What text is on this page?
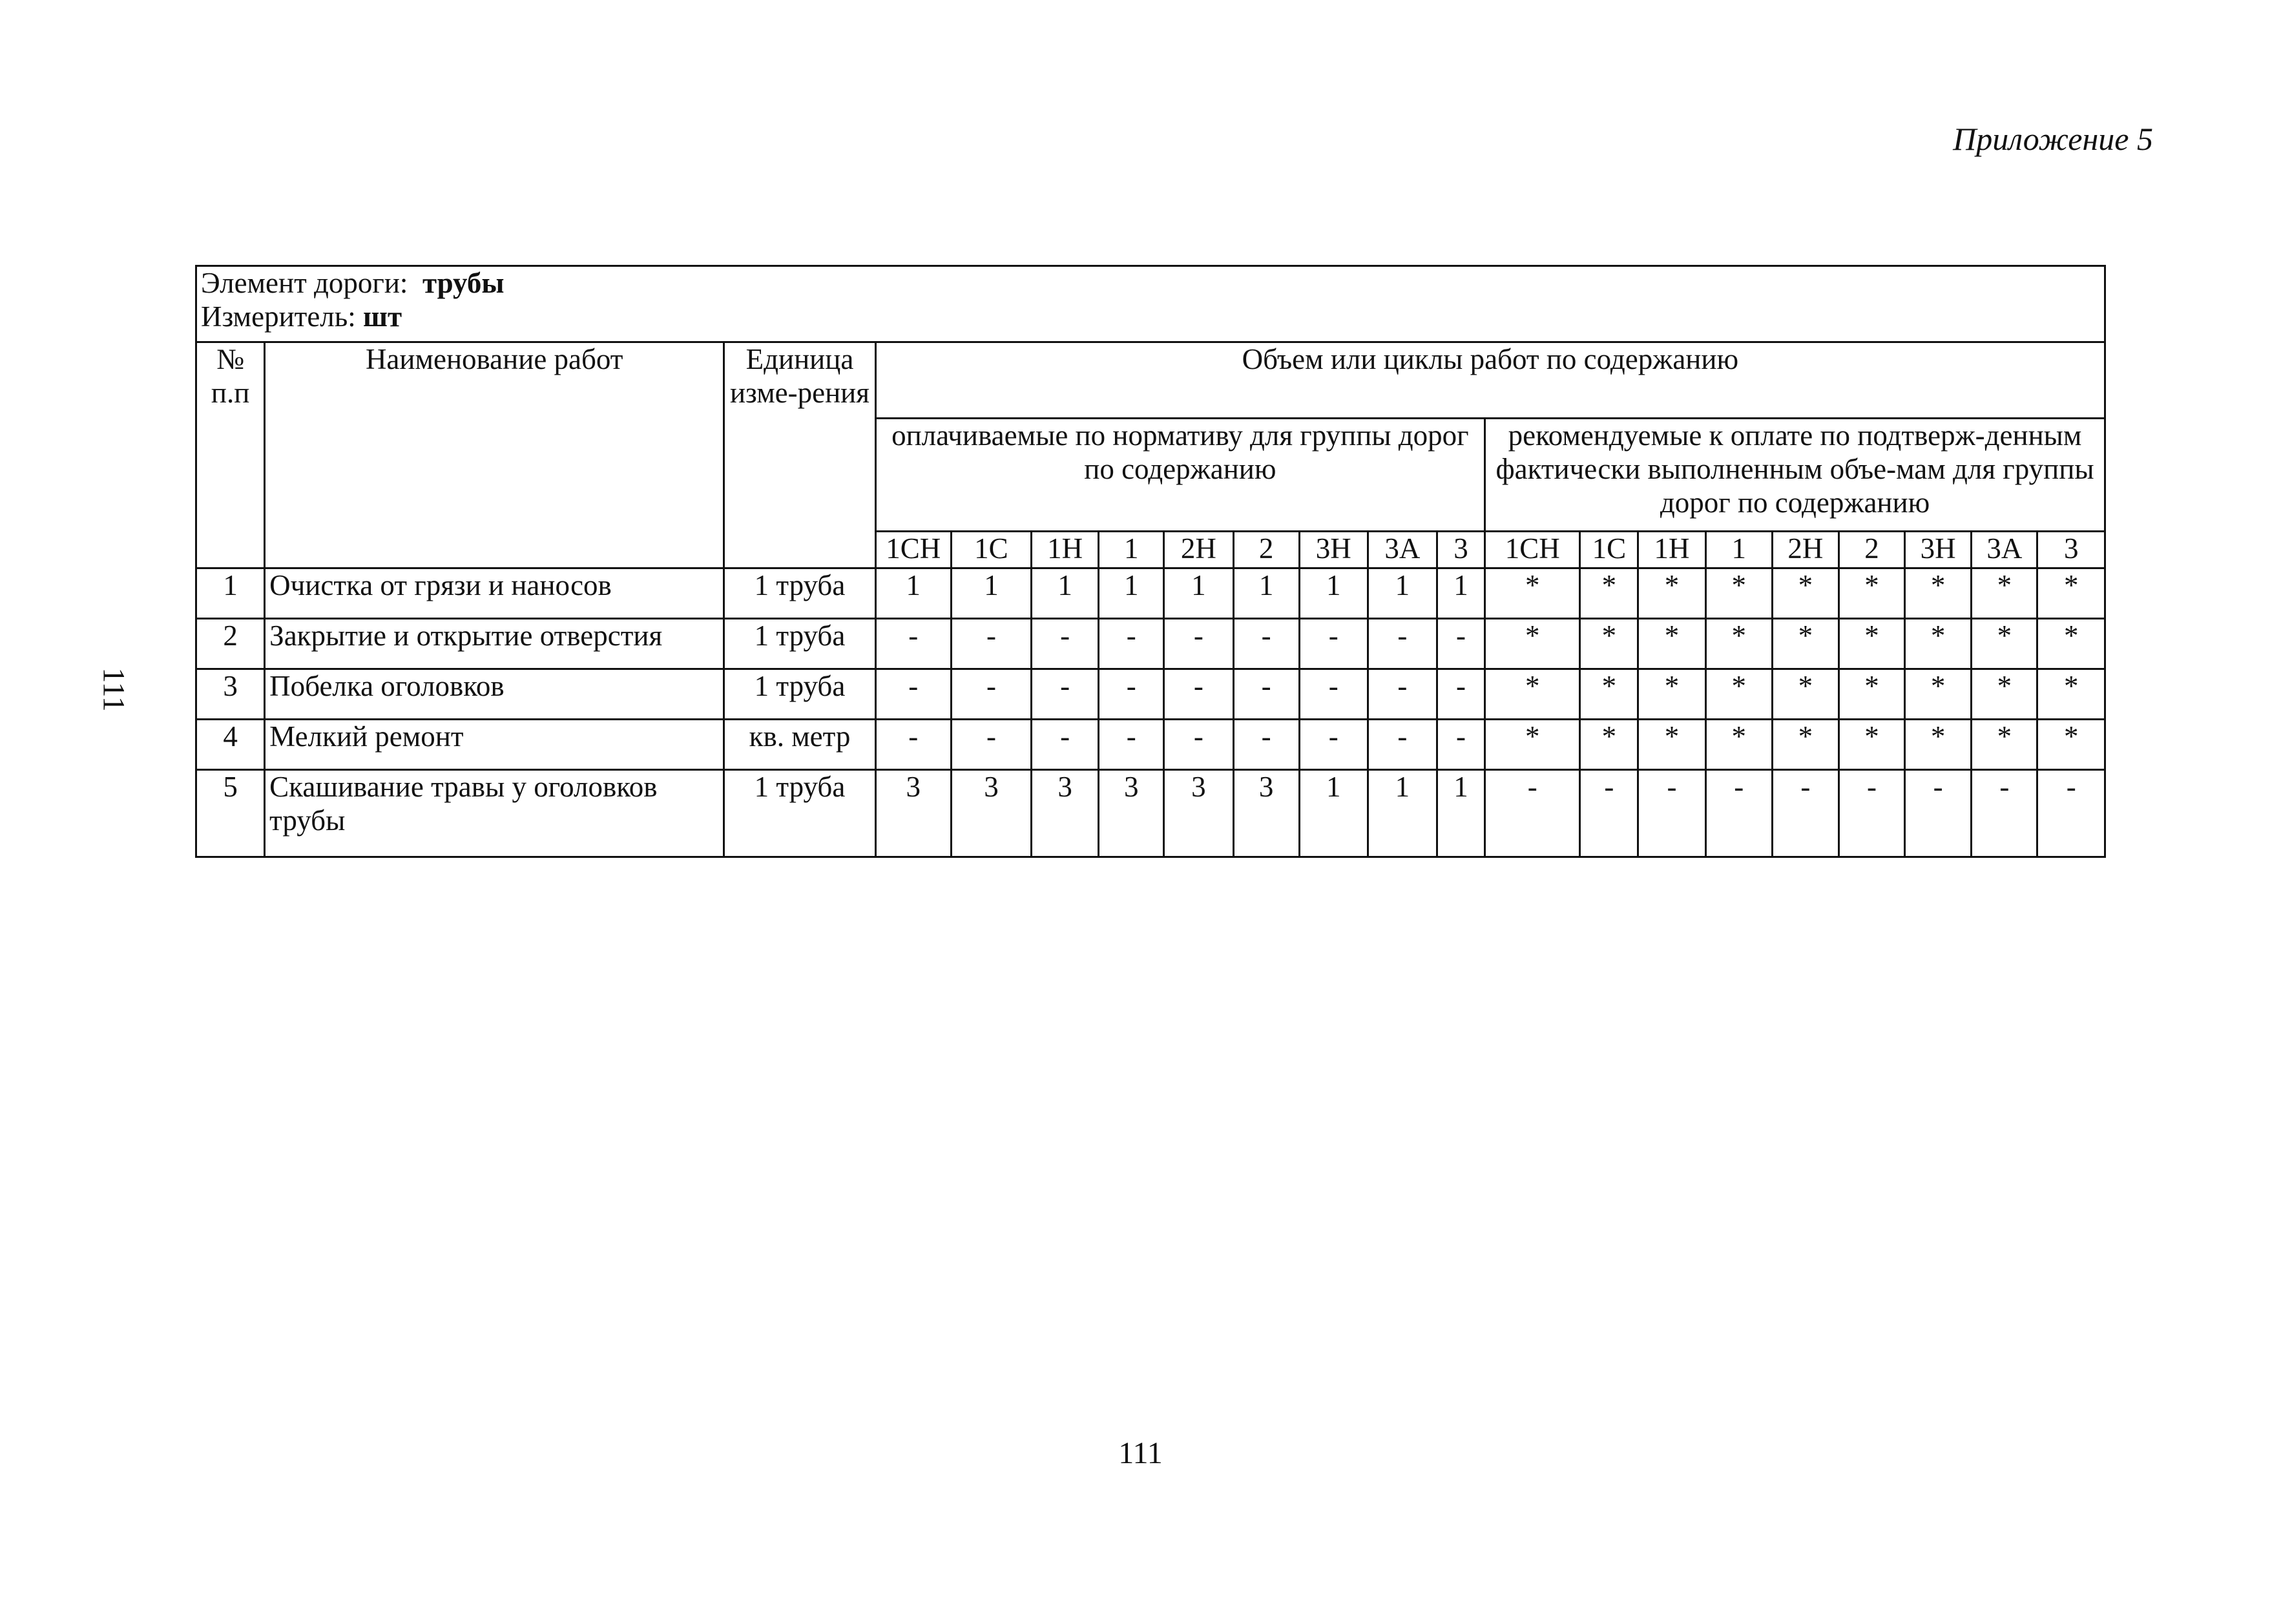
Приложение 5
111
Элемент дороги: трубы
Измеритель: шт																				

№ п.п	Наименование работ	Единица изме-рения	Объем или циклы работ по содержанию																	
			оплачиваемые по нормативу для группы дорог по содержанию									рекомендуемые к оплате по подтверж-денным фактически выполненным объе-мам для группы дорог по содержанию								
			1СН	1С	1Н	1	2Н	2	3Н	3А	3	1СН	1С	1Н	1	2Н	2	3Н	3А	3
1	Очистка от грязи и наносов	1 труба	1	1	1	1	1	1	1	1	1	*	*	*	*	*	*	*	*	*
2	Закрытие и открытие отверстия	1 труба	-	-	-	-	-	-	-	-	-	*	*	*	*	*	*	*	*	*
3	Побелка оголовков	1 труба	-	-	-	-	-	-	-	-	-	*	*	*	*	*	*	*	*	*
4	Мелкий ремонт	кв. метр	-	-	-	-	-	-	-	-	-	*	*	*	*	*	*	*	*	*
5	Скашивание травы у оголовков трубы	1 труба	3	3	3	3	3	3	1	1	1	-	-	-	-	-	-	-	-	-
111
